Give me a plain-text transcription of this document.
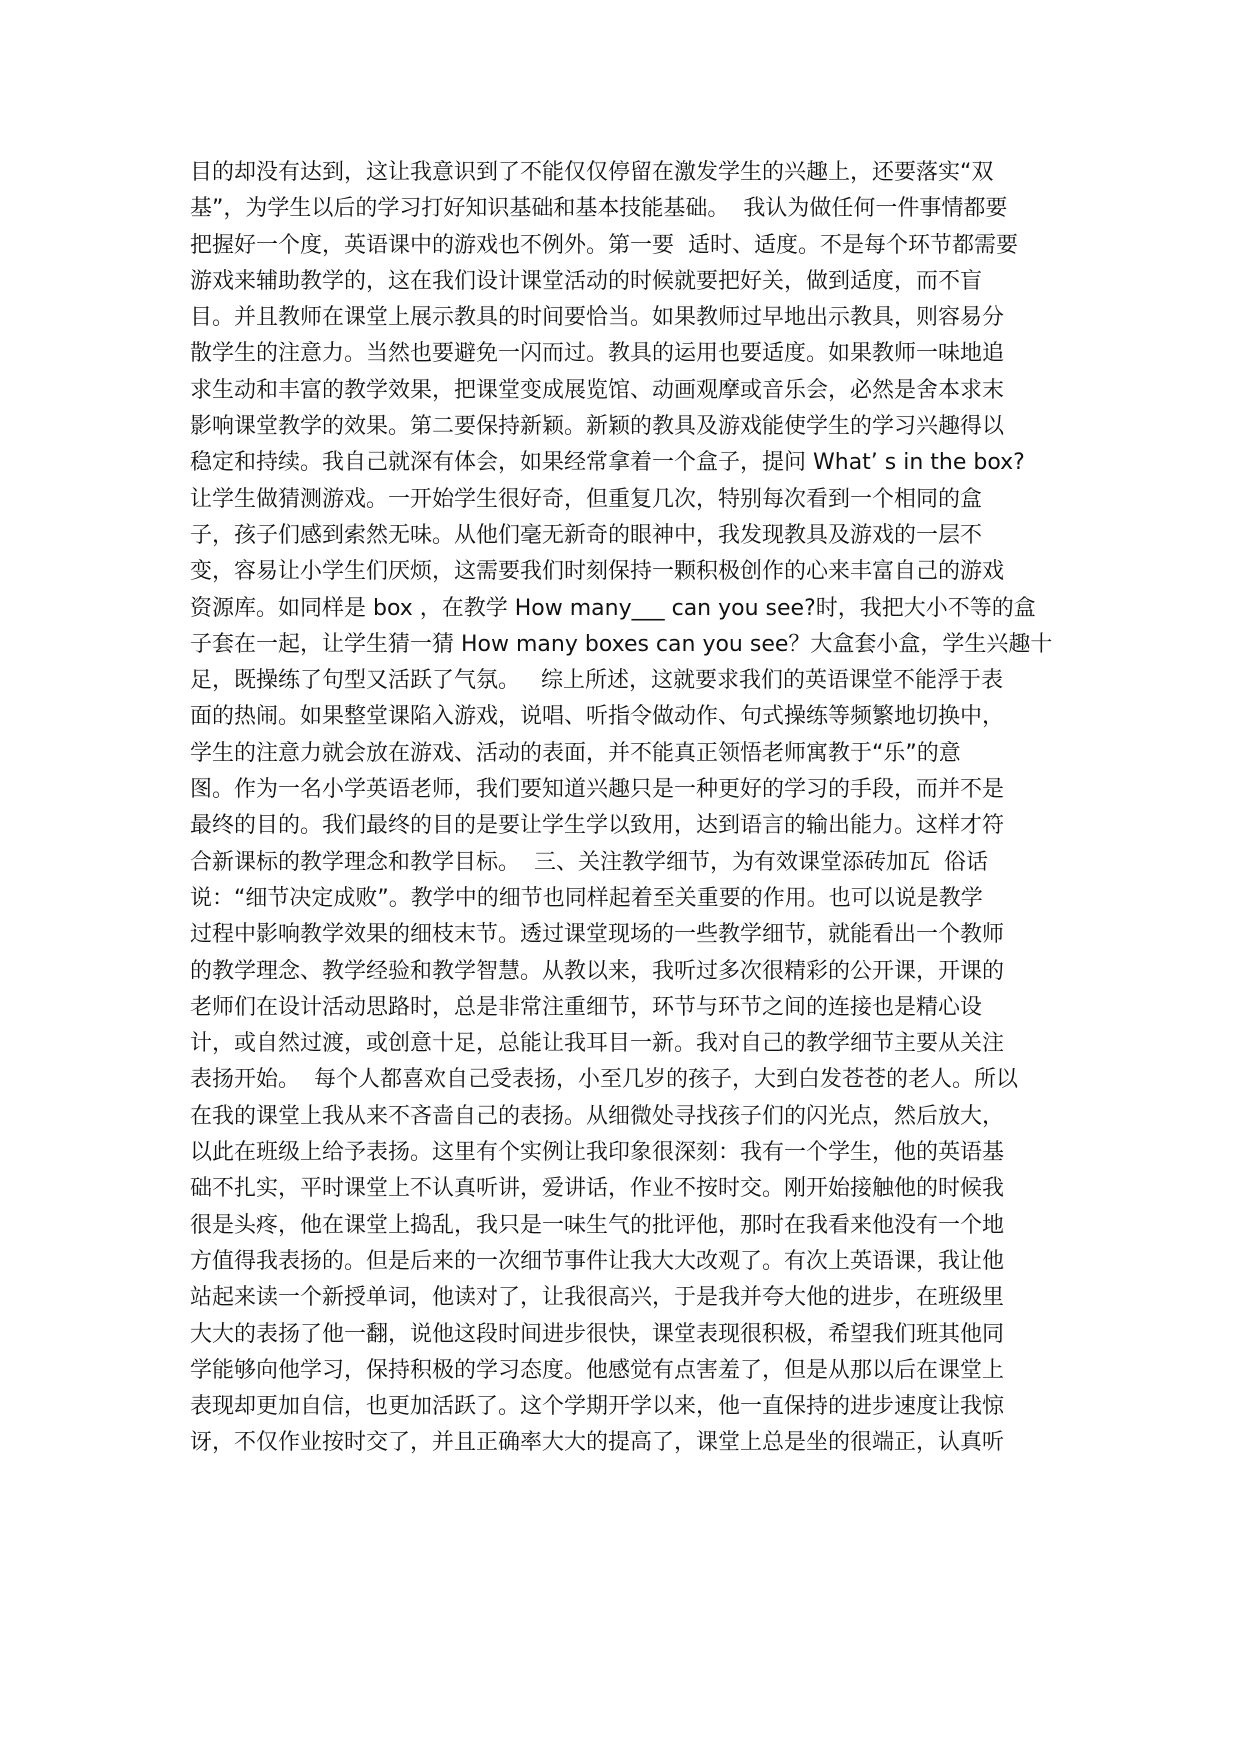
目的却没有达到，这让我意识到了不能仅仅停留在激发学生的兴趣上，还要落实“双
基”，为学生以后的学习打好知识基础和基本技能基础。  我认为做任何一件事情都要
把握好一个度，英语课中的游戏也不例外。第一要  适时、适度。不是每个环节都需要
游戏来辅助教学的，这在我们设计课堂活动的时候就要把好关，做到适度，而不盲
目。并且教师在课堂上展示教具的时间要恰当。如果教师过早地出示教具，则容易分
散学生的注意力。当然也要避免一闪而过。教具的运用也要适度。如果教师一味地追
求生动和丰富的教学效果，把课堂变成展览馆、动画观摩或音乐会，必然是舍本求末
影响课堂教学的效果。第二要保持新颖。新颖的教具及游戏能使学生的学习兴趣得以
稳定和持续。我自己就深有体会，如果经常拿着一个盒子，提问 What’ s in the box?
让学生做猜测游戏。一开始学生很好奇，但重复几次，特别每次看到一个相同的盒
子，孩子们感到索然无味。从他们毫无新奇的眼神中，我发现教具及游戏的一层不
变，容易让小学生们厌烦，这需要我们时刻保持一颗积极创作的心来丰富自己的游戏
资源库。如同样是 box ，在教学 How many___ can you see?时，我把大小不等的盒
子套在一起，让学生猜一猜 How many boxes can you see？大盒套小盒，学生兴趣十
足，既操练了句型又活跃了气氛。   综上所述，这就要求我们的英语课堂不能浮于表
面的热闹。如果整堂课陷入游戏，说唱、听指令做动作、句式操练等频繁地切换中，
学生的注意力就会放在游戏、活动的表面，并不能真正领悟老师寓教于“乐”的意
图。作为一名小学英语老师，我们要知道兴趣只是一种更好的学习的手段，而并不是
最终的目的。我们最终的目的是要让学生学以致用，达到语言的输出能力。这样才符
合新课标的教学理念和教学目标。  三、关注教学细节，为有效课堂添砖加瓦  俗话
说：“细节决定成败”。教学中的细节也同样起着至关重要的作用。也可以说是教学
过程中影响教学效果的细枝末节。透过课堂现场的一些教学细节，就能看出一个教师
的教学理念、教学经验和教学智慧。从教以来，我听过多次很精彩的公开课，开课的
老师们在设计活动思路时，总是非常注重细节，环节与环节之间的连接也是精心设
计，或自然过渡，或创意十足，总能让我耳目一新。我对自己的教学细节主要从关注
表扬开始。  每个人都喜欢自己受表扬，小至几岁的孩子，大到白发苍苍的老人。所以
在我的课堂上我从来不吝啬自己的表扬。从细微处寻找孩子们的闪光点，然后放大，
以此在班级上给予表扬。这里有个实例让我印象很深刻：我有一个学生，他的英语基
础不扎实，平时课堂上不认真听讲，爱讲话，作业不按时交。刚开始接触他的时候我
很是头疼，他在课堂上捣乱，我只是一味生气的批评他，那时在我看来他没有一个地
方值得我表扬的。但是后来的一次细节事件让我大大改观了。有次上英语课，我让他
站起来读一个新授单词，他读对了，让我很高兴，于是我并夸大他的进步，在班级里
大大的表扬了他一翻，说他这段时间进步很快，课堂表现很积极，希望我们班其他同
学能够向他学习，保持积极的学习态度。他感觉有点害羞了，但是从那以后在课堂上
表现却更加自信，也更加活跃了。这个学期开学以来，他一直保持的进步速度让我惊
讶，不仅作业按时交了，并且正确率大大的提高了，课堂上总是坐的很端正，认真听
